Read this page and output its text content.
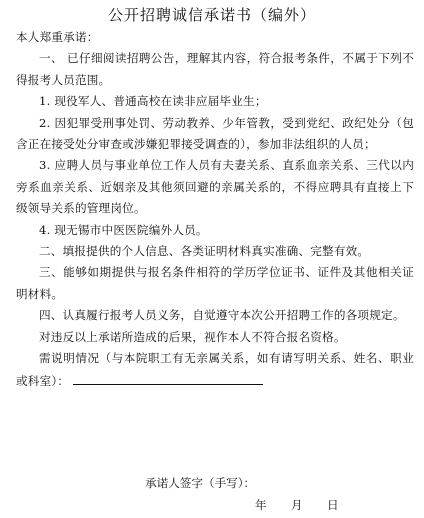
公开招聘诚信承诺书（编外）

本人郑重承诺：

一、 已仔细阅读招聘公告，理解其内容，符合报考条件，不属于下列不得报考人员范围。

1. 现役军人、普通高校在读非应届毕业生；

2. 因犯罪受刑事处罚、劳动教养、少年管教，受到党纪、政纪处分（包含正在接受处分审查或涉嫌犯罪接受调查的），参加非法组织的人员；

3. 应聘人员与事业单位工作人员有夫妻关系、直系血亲关系、三代以内旁系血亲关系、近姻亲及其他须回避的亲属关系的，不得应聘具有直接上下级领导关系的管理岗位。

4. 现无锡市中医医院编外人员。

二、填报提供的个人信息、各类证明材料真实准确、完整有效。

三、能够如期提供与报名条件相符的学历学位证书、证件及其他相关证明材料。

四、认真履行报考人员义务，自觉遵守本次公开招聘工作的各项规定。

对违反以上承诺所造成的后果，视作本人不符合报名资格。

需说明情况（与本院职工有无亲属关系，如有请写明关系、姓名、职业或科室）：

承诺人签字（手写）：
年	月	日
